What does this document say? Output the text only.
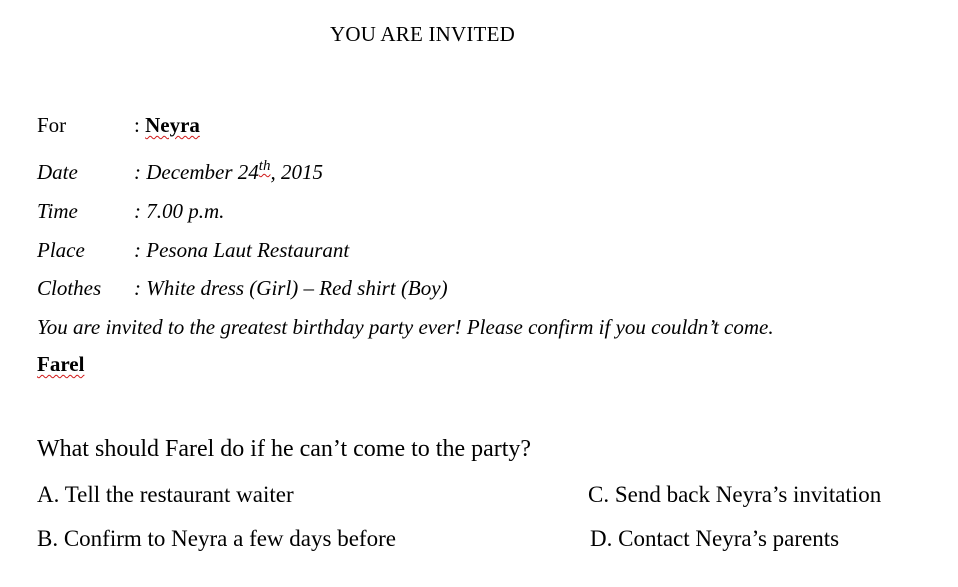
YOU ARE INVITED
For	: Neyra
Date	: December 24th, 2015
Time	: 7.00 p.m.
Place : Pesona Laut Restaurant
Clothes : White dress (Girl) – Red shirt (Boy)
You are invited to the greatest birthday party ever! Please confirm if you couldn’t come.
Farel
What should Farel do if he can’t come to the party?
A. Tell the restaurant waiter	C. Send back Neyra’s invitation
B. Confirm to Neyra a few days before	D. Contact Neyra’s parents
